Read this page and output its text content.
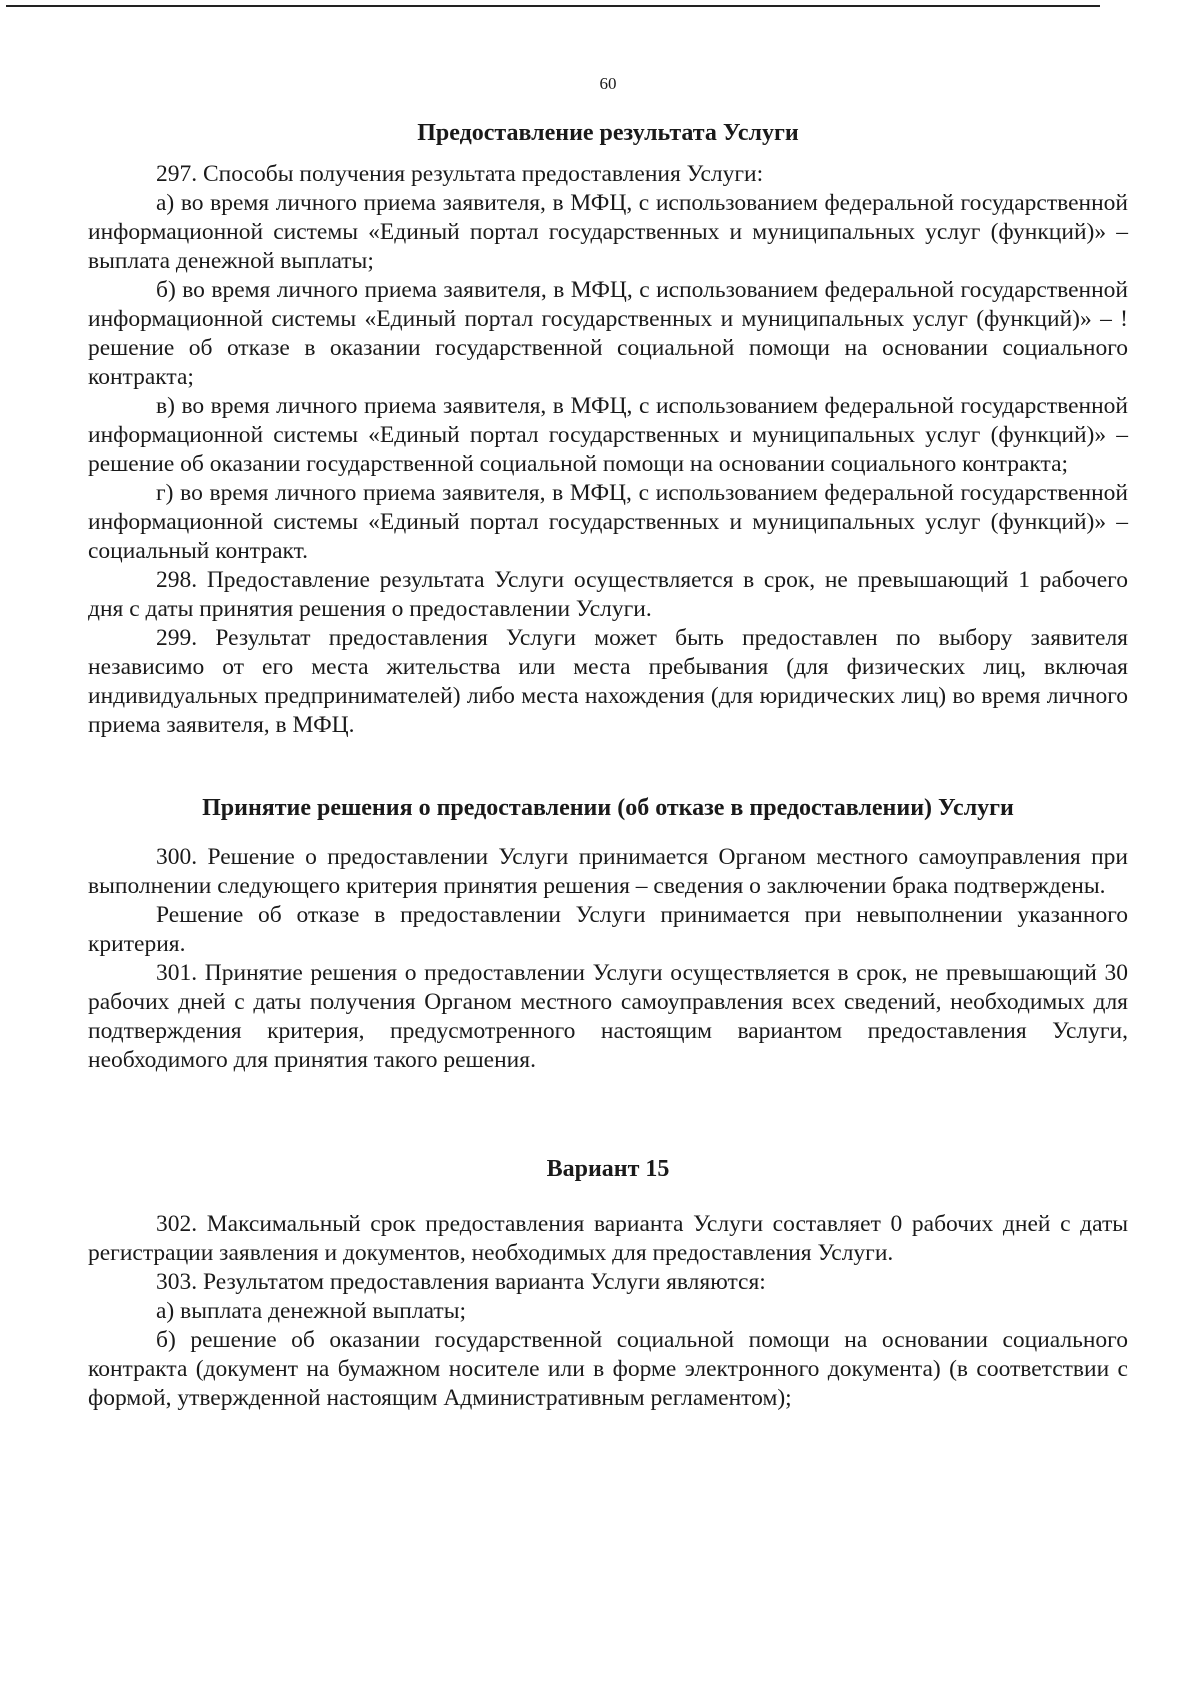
60
Предоставление результата Услуги

297. Способы получения результата предоставления Услуги:

а) во время личного приема заявителя, в МФЦ, с использованием федеральной государственной информационной системы «Единый портал государственных и муниципальных услуг (функций)» – выплата денежной выплаты;

б) во время личного приема заявителя, в МФЦ, с использованием федеральной государственной информационной системы «Единый портал государственных и муниципальных услуг (функций)» – !решение об отказе в оказании государственной социальной помощи на основании социального контракта;

в) во время личного приема заявителя, в МФЦ, с использованием федеральной государственной информационной системы «Единый портал государственных и муниципальных услуг (функций)» – решение об оказании государственной социальной помощи на основании социального контракта;

г) во время личного приема заявителя, в МФЦ, с использованием федеральной государственной информационной системы «Единый портал государственных и муниципальных услуг (функций)» – социальный контракт.

298. Предоставление результата Услуги осуществляется в срок, не превышающий 1 рабочего дня с даты принятия решения о предоставлении Услуги.

299. Результат предоставления Услуги может быть предоставлен по выбору заявителя независимо от его места жительства или места пребывания (для физических лиц, включая индивидуальных предпринимателей) либо места нахождения (для юридических лиц) во время личного приема заявителя, в МФЦ.

Принятие решения о предоставлении (об отказе в предоставлении) Услуги

300. Решение о предоставлении Услуги принимается Органом местного самоуправления при выполнении следующего критерия принятия решения – сведения о заключении брака подтверждены.

Решение об отказе в предоставлении Услуги принимается при невыполнении указанного критерия.

301. Принятие решения о предоставлении Услуги осуществляется в срок, не превышающий 30 рабочих дней с даты получения Органом местного самоуправления всех сведений, необходимых для подтверждения критерия, предусмотренного настоящим вариантом предоставления Услуги, необходимого для принятия такого решения.

Вариант 15

302. Максимальный срок предоставления варианта Услуги составляет 0 рабочих дней с даты регистрации заявления и документов, необходимых для предоставления Услуги.

303. Результатом предоставления варианта Услуги являются:

а) выплата денежной выплаты;

б) решение об оказании государственной социальной помощи на основании социального контракта (документ на бумажном носителе или в форме электронного документа) (в соответствии с формой, утвержденной настоящим Административным регламентом);
